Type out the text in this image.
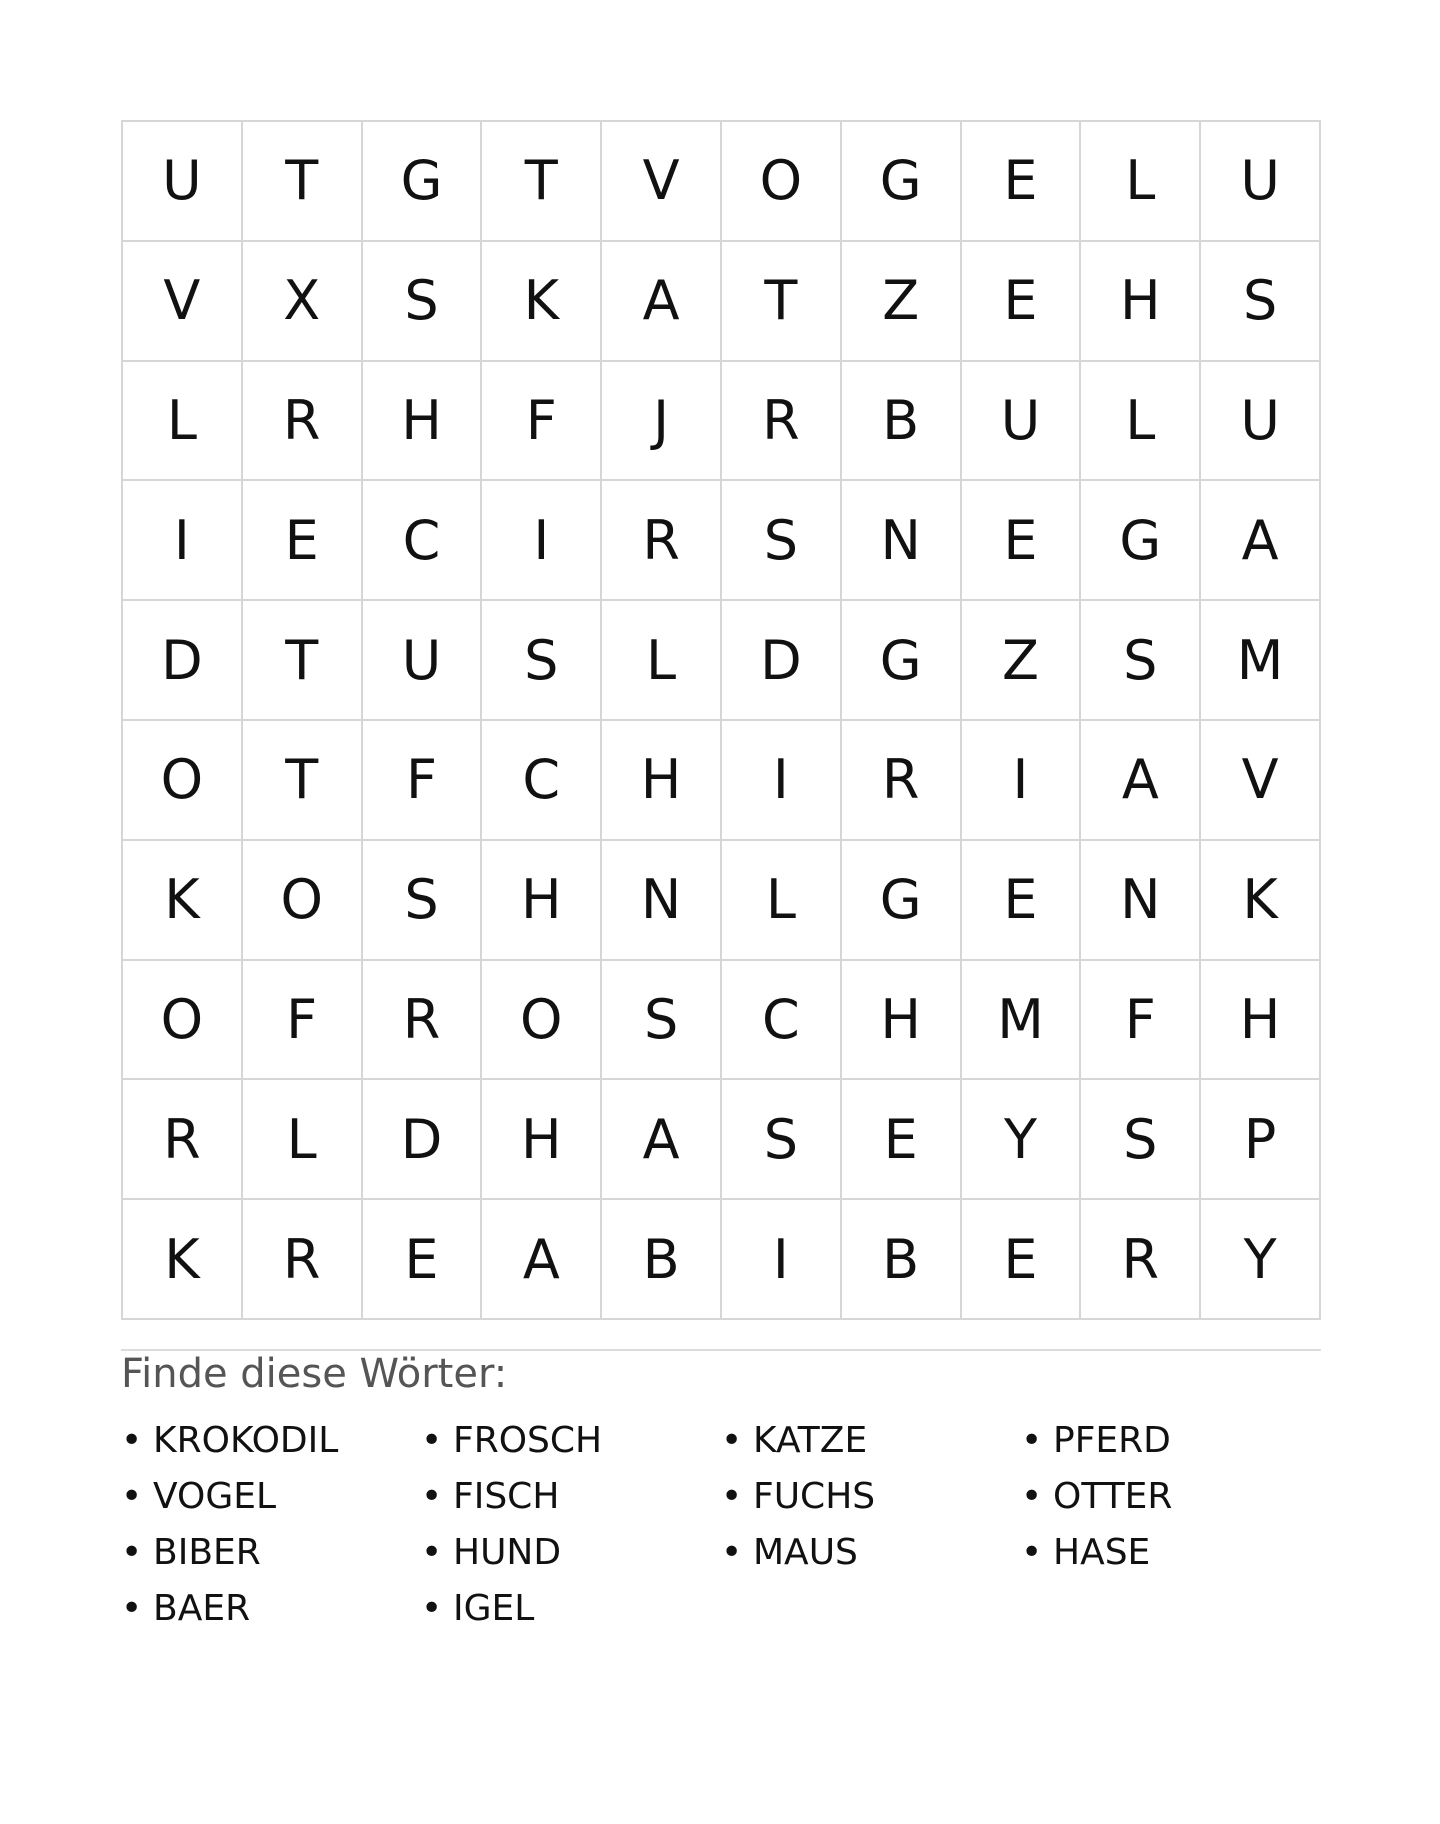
U	T	G	T	V	O	G	E	L	U
V	X	S	K	A	T	Z	E	H	S
L	R	H	F	J	R	B	U	L	U
I	E	C	I	R	S	N	E	G	A
D	T	U	S	L	D	G	Z	S	M
O	T	F	C	H	I	R	I	A	V
K	O	S	H	N	L	G	E	N	K
O	F	R	O	S	C	H	M	F	H
R	L	D	H	A	S	E	Y	S	P
K	R	E	A	B	I	B	E	R	Y
Finde diese Wörter:
• KROKODIL • FROSCH	• KATZE	• PFERD
• VOGEL	• FISCH	• FUCHS	• OTTER
• BIBER	• HUND	• MAUS	• HASE
• BAER	• IGEL
